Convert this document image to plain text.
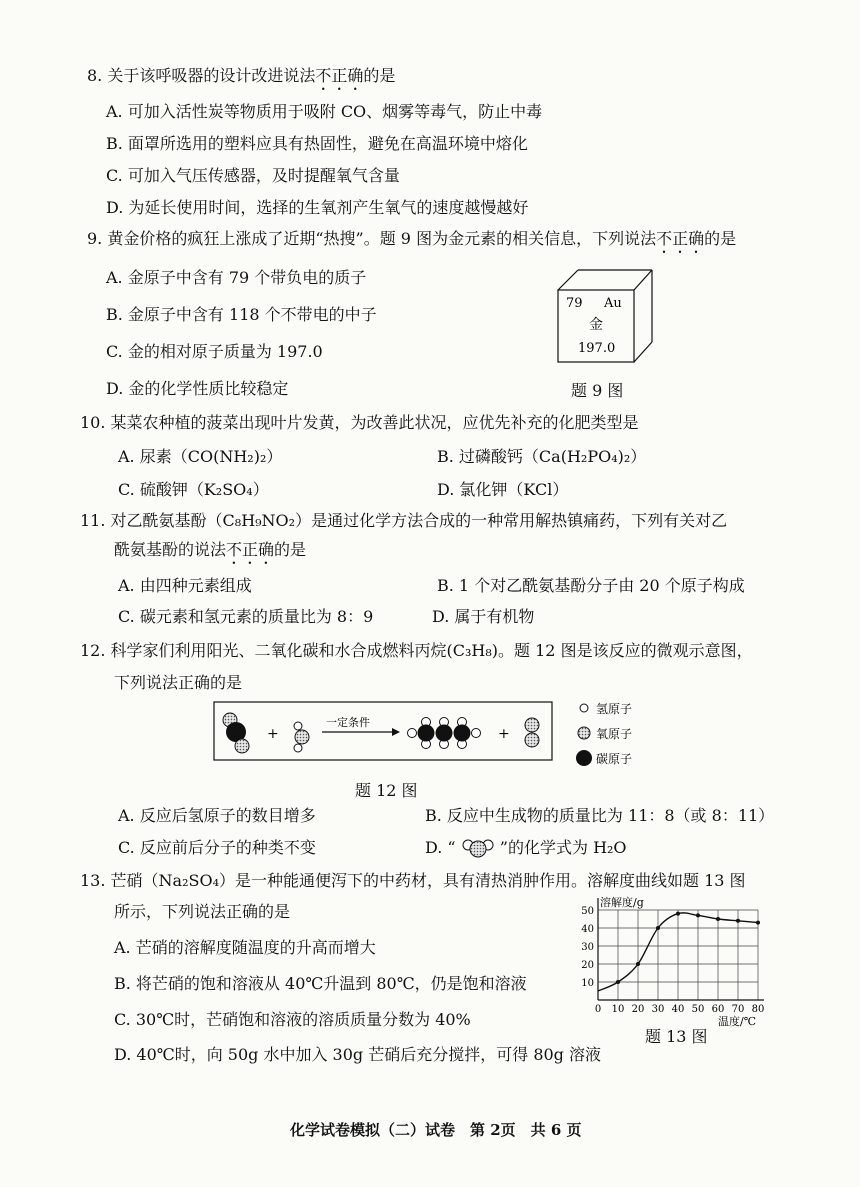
8. 关于该呼吸器的设计改进说法不正确的是
A. 可加入活性炭等物质用于吸附 CO、烟雾等毒气，防止中毒
B. 面罩所选用的塑料应具有热固性，避免在高温环境中熔化
C. 可加入气压传感器，及时提醒氧气含量
D. 为延长使用时间，选择的生氧剂产生氧气的速度越慢越好
9. 黄金价格的疯狂上涨成了近期“热搜”。题 9 图为金元素的相关信息，下列说法不正确的是
A. 金原子中含有 79 个带负电的质子
B. 金原子中含有 118 个不带电的中子
C. 金的相对原子质量为 197.0
D. 金的化学性质比较稳定
79 Au
金
197.0
题 9 图
10. 某菜农种植的菠菜出现叶片发黄，为改善此状况，应优先补充的化肥类型是
A. 尿素（CO(NH₂)₂）	B. 过磷酸钙（Ca(H₂PO₄)₂）
C. 硫酸钾（K₂SO₄）	D. 氯化钾（KCl）
11. 对乙酰氨基酚（C₈H₉NO₂）是通过化学方法合成的一种常用解热镇痛药，下列有关对乙
酰氨基酚的说法不正确的是
A. 由四种元素组成	B. 1 个对乙酰氨基酚分子由 20 个原子构成
C. 碳元素和氢元素的质量比为 8：9	D. 属于有机物
12. 科学家们利用阳光、二氧化碳和水合成燃料丙烷(C₃H₈)。题 12 图是该反应的微观示意图，
下列说法正确的是
+
一定条件
+
氢原子
氧原子
碳原子
题 12 图
A. 反应后氢原子的数目增多	B. 反应中生成物的质量比为 11：8（或 8：11）
C. 反应前后分子的种类不变	D. “	”的化学式为 H₂O
13. 芒硝（Na₂SO₄）是一种能通便泻下的中药材，具有清热消肿作用。溶解度曲线如题 13 图
所示，下列说法正确的是
A. 芒硝的溶解度随温度的升高而增大
B. 将芒硝的饱和溶液从 40℃升温到 80℃，仍是饱和溶液
C. 30℃时，芒硝饱和溶液的溶质质量分数为 40%
D. 40℃时，向 50g 水中加入 30g 芒硝后充分搅拌，可得 80g 溶液
10
20
30
40
50
0 10 20 30 40 50 60 70 80
溶解度/g
温度/℃
题 13 图
化学试卷模拟（二）试卷　第 2页　共 6 页
